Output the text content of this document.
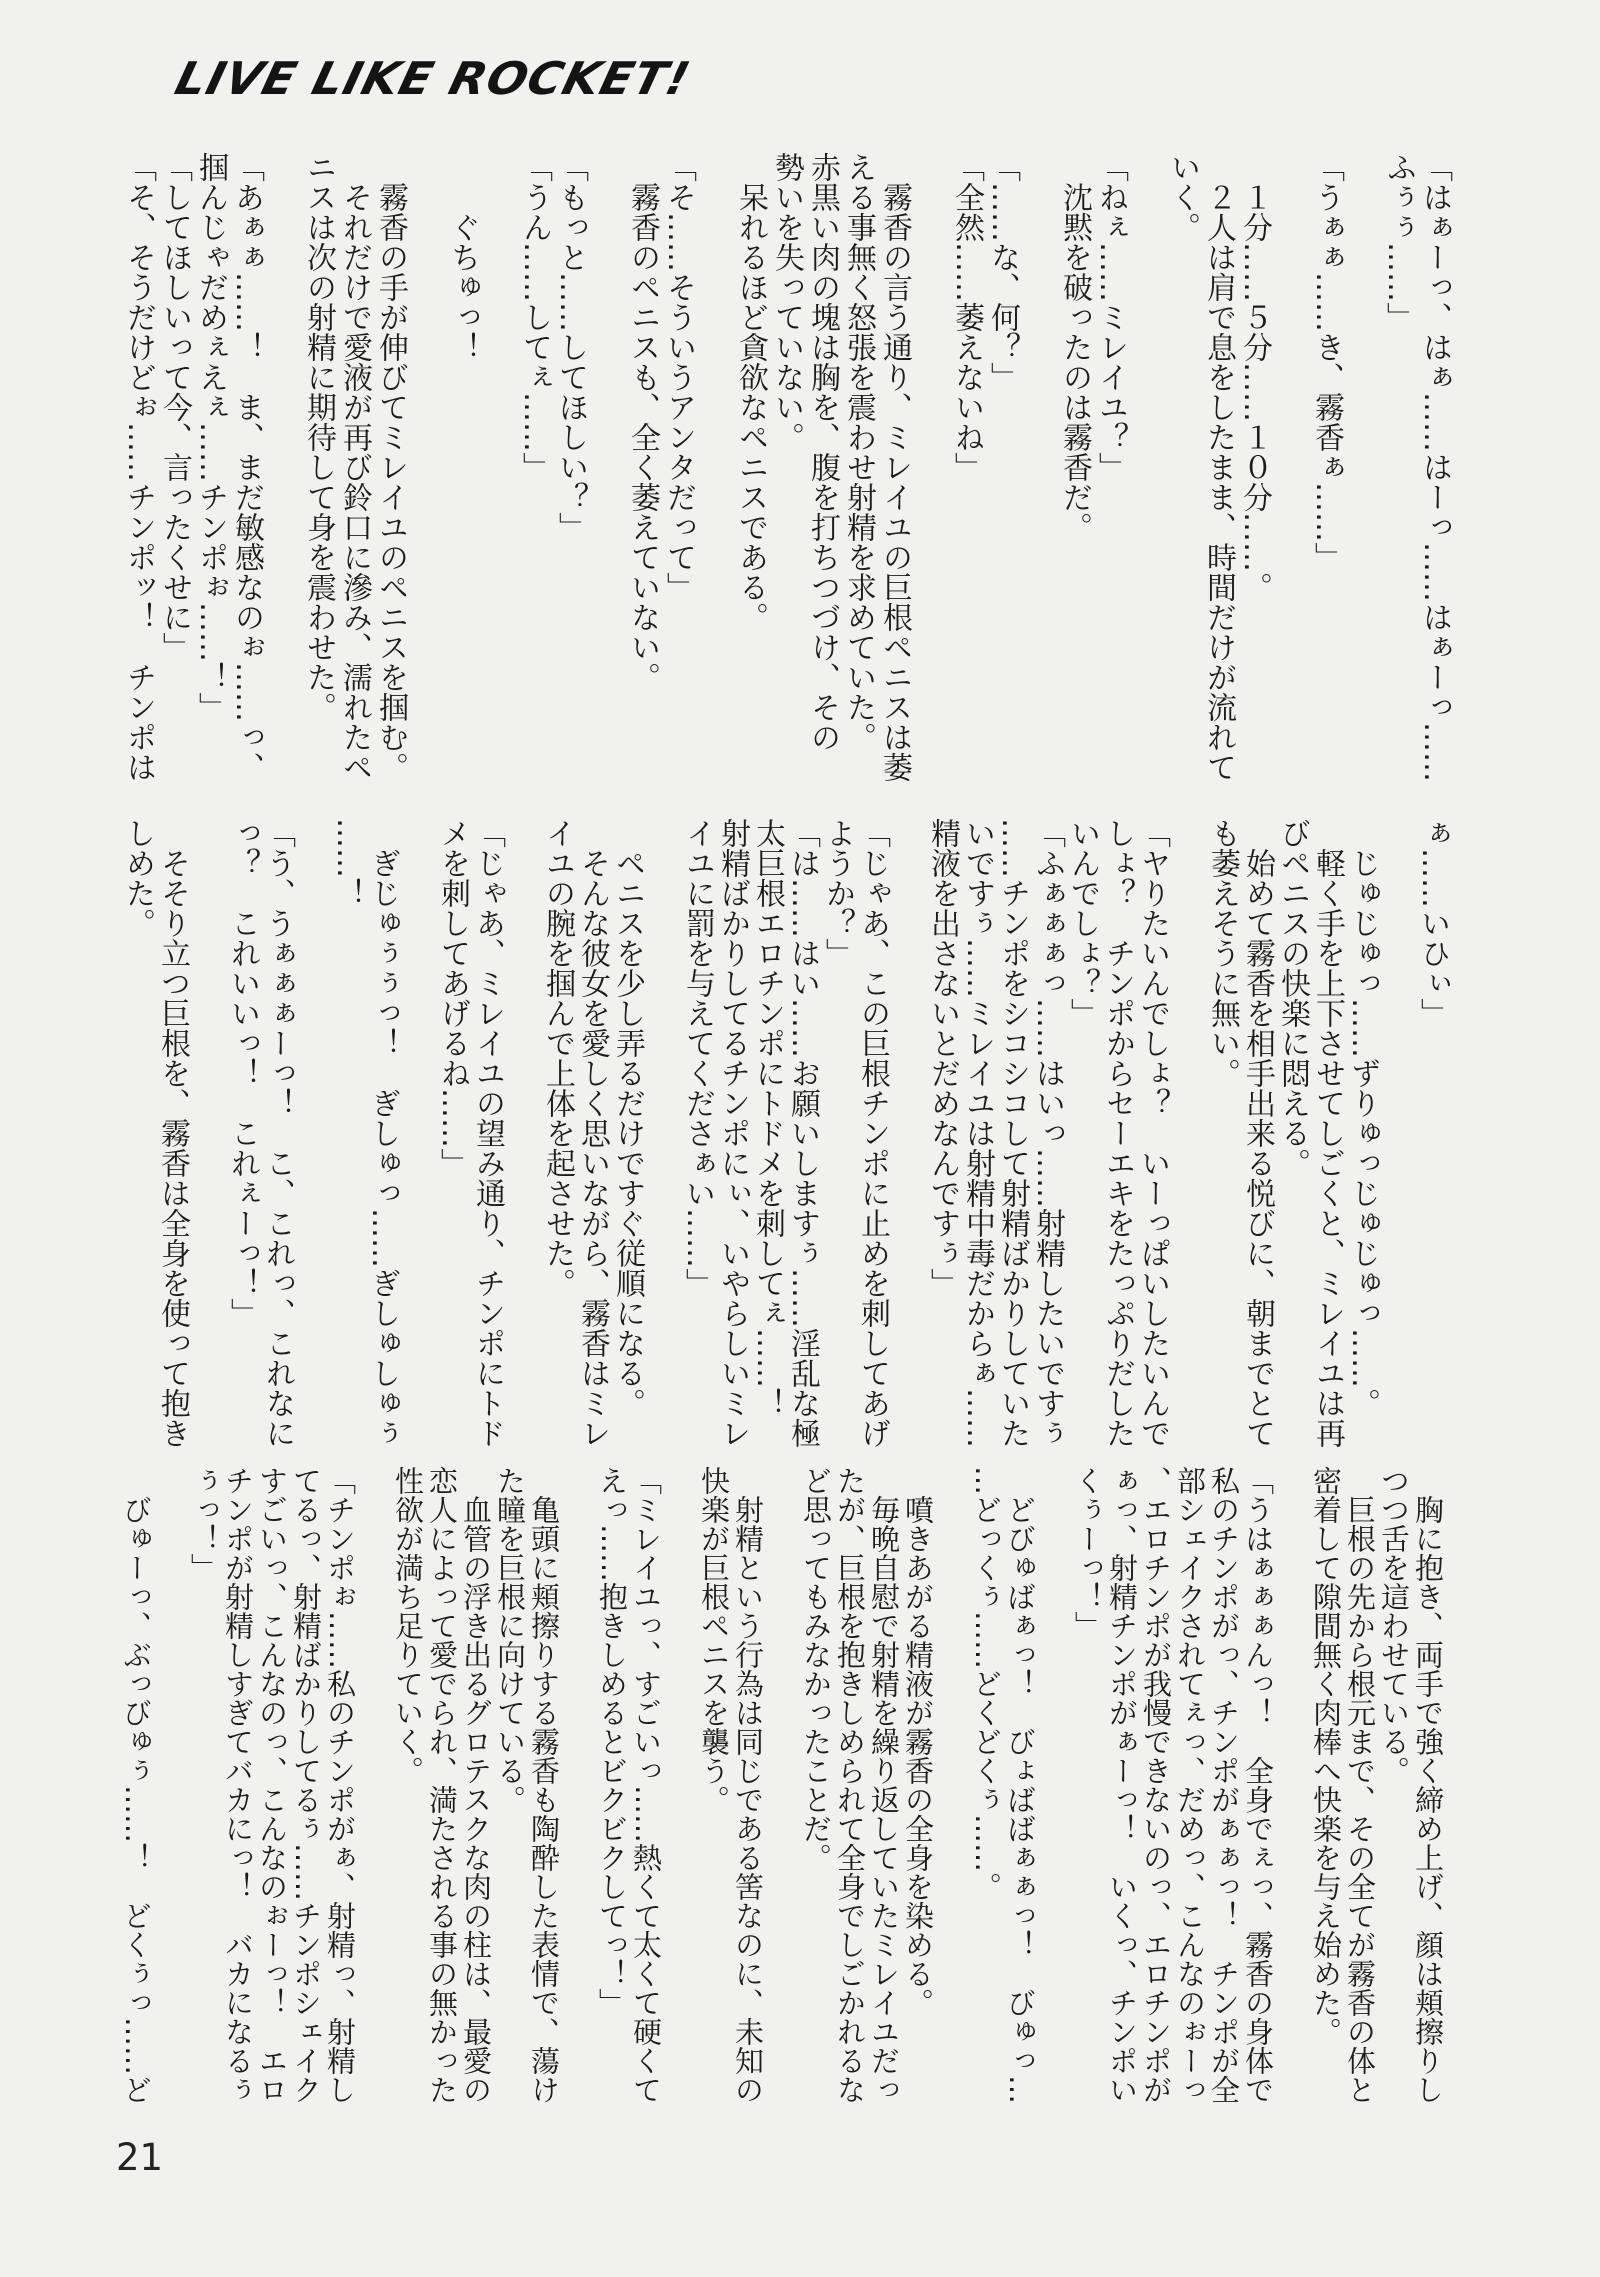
LIVE LIKE ROCKET!
「はぁーっ、はぁ……はーっ……はぁーっ……
ふぅぅ……」

「うぁぁ……き、霧香ぁ……」

　１分……５分……１０分……。
　２人は肩で息をしたまま、時間だけが流れて
いく。

「ねぇ……ミレイユ？」
　沈黙を破ったのは霧香だ。

「……な、何？」
「全然……萎えないね」

　霧香の言う通り、ミレイユの巨根ペニスは萎
える事無く怒張を震わせ射精を求めていた。
赤黒い肉の塊は胸を、腹を打ちつづけ、その
勢いを失っていない。
　呆れるほど貪欲なペニスである。

「そ……そういうアンタだって」
　霧香のペニスも、全く萎えていない。

「もっと……してほしい？」
「うん……してぇ……」

　　ぐちゅっ！

　霧香の手が伸びてミレイユのペニスを掴む。
　それだけで愛液が再び鈴口に滲み、濡れたペ
ニスは次の射精に期待して身を震わせた。

「あぁぁ……！　ま、まだ敏感なのぉ……っ、
掴んじゃだめぇえぇ……チンポぉ……！」
「してほしいって今、言ったくせに」
「そ、そうだけどぉ……チンポッ！　チンポは
ぁ……いひぃ」

　じゅじゅっ……ずりゅっじゅじゅっ……。
　軽く手を上下させてしごくと、ミレイユは再
びペニスの快楽に悶える。
　始めて霧香を相手出来る悦びに、朝までとて
も萎えそうに無い。

「ヤりたいんでしょ？　いーっぱいしたいんで
しょ？　チンポからセーエキをたっぷりだした
いんでしょ？」
「ふぁぁぁっ……はいっ……射精したいですぅ
……チンポをシコシコして射精ばかりしていた
いですぅ……ミレイユは射精中毒だからぁ……
精液を出さないとだめなんですぅ」

「じゃあ、この巨根チンポに止めを刺してあげ
ようか？」
「は……はい……お願いしますぅ……淫乱な極
太巨根エロチンポにトドメを刺してぇ……！
射精ばかりしてるチンポにぃ、いやらしいミレ
イユに罰を与えてくださぁい……」

　ペニスを少し弄るだけですぐ従順になる。
　そんな彼女を愛しく思いながら、霧香はミレ
イユの腕を掴んで上体を起させた。

「じゃあ、ミレイユの望み通り、チンポにトド
メを刺してあげるね……」

　ぎじゅぅぅっ！　ぎしゅっ……ぎしゅしゅぅ
……！

「う、うぁぁぁーっ！　こ、これっ、これなに
っ？　これいいっ！　これぇーっ！」

　そそり立つ巨根を、霧香は全身を使って抱き
しめた。
　胸に抱き、両手で強く締め上げ、顔は頬擦りし
つつ舌を這わせている。
　巨根の先から根元まで、その全てが霧香の体と
密着して隙間無く肉棒へ快楽を与え始めた。

「うはぁぁぁんっ！　全身でぇっ、霧香の身体で
私のチンポがっ、チンポがぁぁっ！　チンポが全
部シェイクされてぇっ、だめっ、こんなのぉーっ
、エロチンポが我慢できないのっ、エロチンポが
ぁっ、射精チンポがぁーっ！　いくっ、チンポい
くぅーっ！」

　どびゅばぁっ！　びょばばぁぁっ！　びゅっ…
…どっくぅ……どくどくぅ……。

　噴きあがる精液が霧香の全身を染める。
　毎晩自慰で射精を繰り返していたミレイユだっ
たが、巨根を抱きしめられて全身でしごかれるな
ど思ってもみなかったことだ。

　射精という行為は同じである筈なのに、未知の
快楽が巨根ペニスを襲う。

「ミレイユっ、すごいっ……熱くて太くて硬くて
えっ……抱きしめるとビクビクしてっ！」

　亀頭に頬擦りする霧香も陶酔した表情で、蕩け
た瞳を巨根に向けている。
　血管の浮き出るグロテスクな肉の柱は、最愛の
恋人によって愛でられ、満たされる事の無かった
性欲が満ち足りていく。

「チンポぉ……私のチンポがぁ、射精っ、射精し
てるっ、射精ばかりしてるぅ……チンポシェイク
すごいっ、こんなのっ、こんなのぉーっ！　エロ
チンポが射精しすぎてバカにっ！　バカになるぅ
ぅっ！」

　びゅーっ、ぶっびゅぅ……！　どくぅっ……ど
21
